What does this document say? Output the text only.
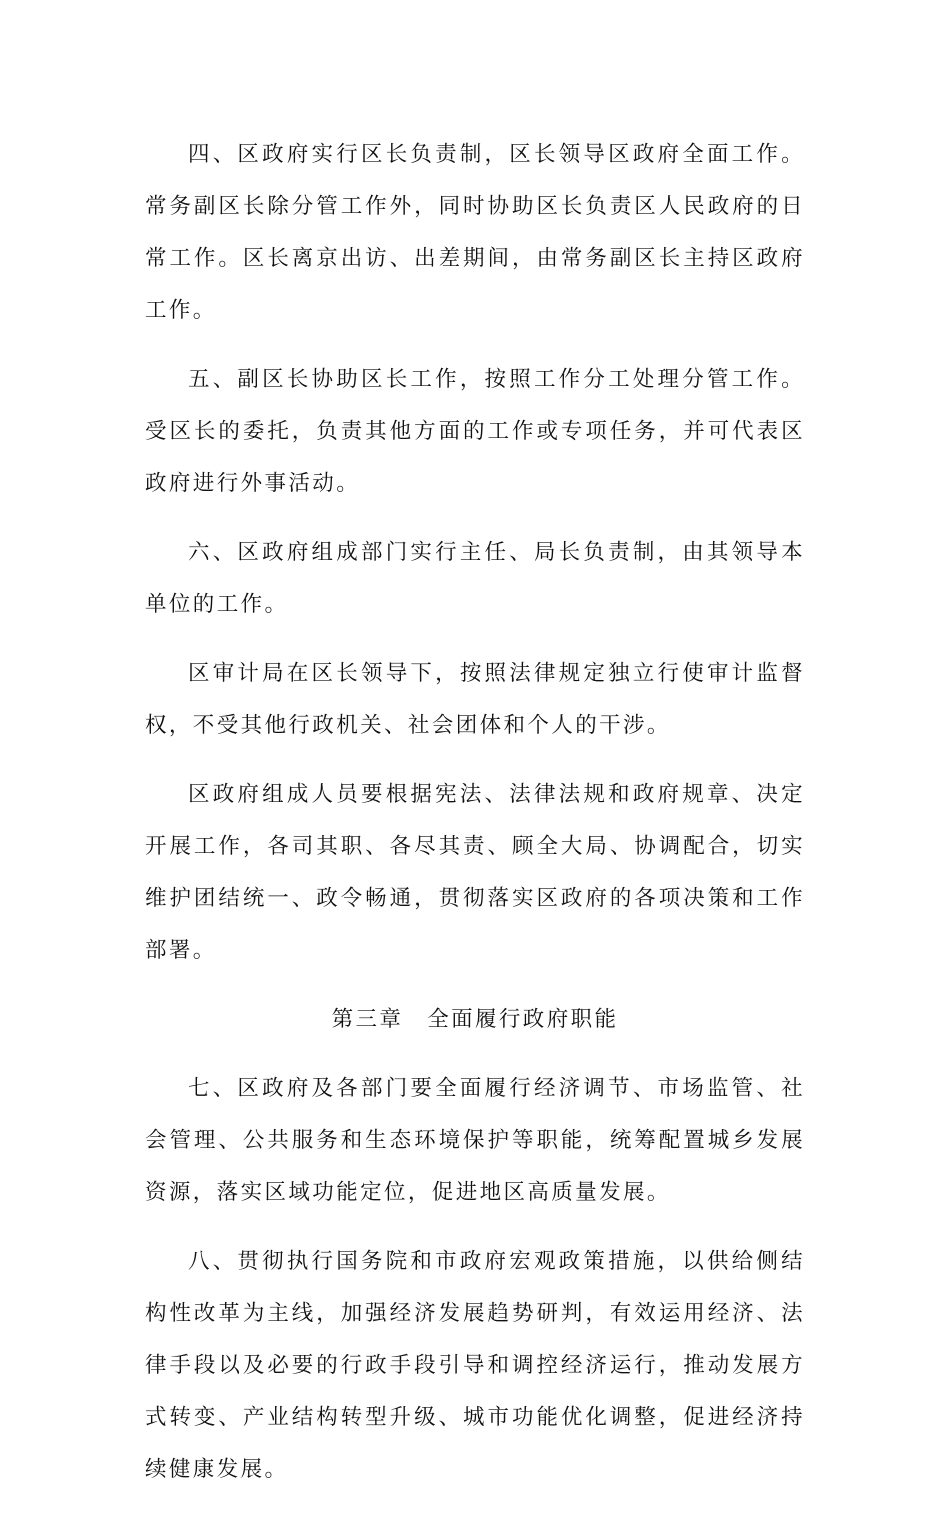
四、区政府实行区长负责制，区长领导区政府全面工作。常务副区长除分管工作外，同时协助区长负责区人民政府的日常工作。区长离京出访、出差期间，由常务副区长主持区政府工作。

五、副区长协助区长工作，按照工作分工处理分管工作。受区长的委托，负责其他方面的工作或专项任务，并可代表区政府进行外事活动。

六、区政府组成部门实行主任、局长负责制，由其领导本单位的工作。

区审计局在区长领导下，按照法律规定独立行使审计监督权，不受其他行政机关、社会团体和个人的干涉。

区政府组成人员要根据宪法、法律法规和政府规章、决定开展工作，各司其职、各尽其责、顾全大局、协调配合，切实维护团结统一、政令畅通，贯彻落实区政府的各项决策和工作部署。

第三章　全面履行政府职能

七、区政府及各部门要全面履行经济调节、市场监管、社会管理、公共服务和生态环境保护等职能，统筹配置城乡发展资源，落实区域功能定位，促进地区高质量发展。

八、贯彻执行国务院和市政府宏观政策措施，以供给侧结构性改革为主线，加强经济发展趋势研判，有效运用经济、法律手段以及必要的行政手段引导和调控经济运行，推动发展方式转变、产业结构转型升级、城市功能优化调整，促进经济持续健康发展。
